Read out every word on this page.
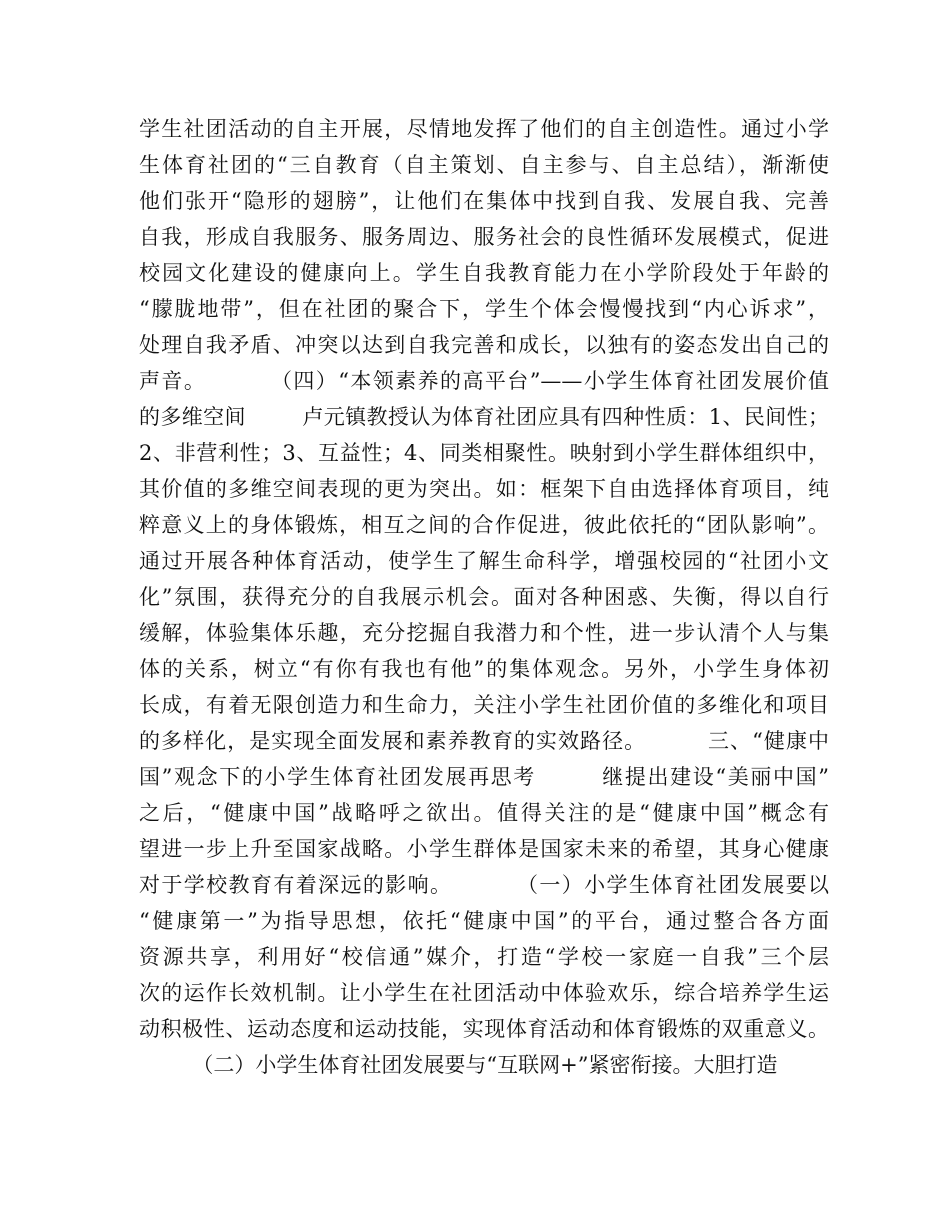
学生社团活动的自主开展，尽情地发挥了他们的自主创造性。通过小学
生体育社团的“三自教育（自主策划、自主参与、自主总结），渐渐使
他们张开“隐形的翅膀”，让他们在集体中找到自我、发展自我、完善
自我，形成自我服务、服务周边、服务社会的良性循环发展模式，促进
校园文化建设的健康向上。学生自我教育能力在小学阶段处于年龄的
“朦胧地带”，但在社团的聚合下，学生个体会慢慢找到“内心诉求”，
处理自我矛盾、冲突以达到自我完善和成长，以独有的姿态发出自己的
声音。        （四）“本领素养的高平台”——小学生体育社团发展价值
的多维空间        卢元镇教授认为体育社团应具有四种性质：1、民间性；
2、非营利性；3、互益性；4、同类相聚性。映射到小学生群体组织中，
其价值的多维空间表现的更为突出。如：框架下自由选择体育项目，纯
粹意义上的身体锻炼，相互之间的合作促进，彼此依托的“团队影响”。
通过开展各种体育活动，使学生了解生命科学，增强校园的“社团小文
化”氛围，获得充分的自我展示机会。面对各种困惑、失衡，得以自行
缓解，体验集体乐趣，充分挖掘自我潜力和个性，进一步认清个人与集
体的关系，树立“有你有我也有他”的集体观念。另外，小学生身体初
长成，有着无限创造力和生命力，关注小学生社团价值的多维化和项目
的多样化，是实现全面发展和素养教育的实效路径。        三、“健康中
国”观念下的小学生体育社团发展再思考        继提出建设“美丽中国”
之后，“健康中国”战略呼之欲出。值得关注的是“健康中国”概念有
望进一步上升至国家战略。小学生群体是国家未来的希望，其身心健康
对于学校教育有着深远的影响。        （一）小学生体育社团发展要以
“健康第一”为指导思想，依托“健康中国”的平台，通过整合各方面
资源共享，利用好“校信通”媒介，打造“学校一家庭一自我”三个层
次的运作长效机制。让小学生在社团活动中体验欢乐，综合培养学生运
动积极性、运动态度和运动技能，实现体育活动和体育锻炼的双重意义。
（二）小学生体育社团发展要与“互联网+”紧密衔接。大胆打造
